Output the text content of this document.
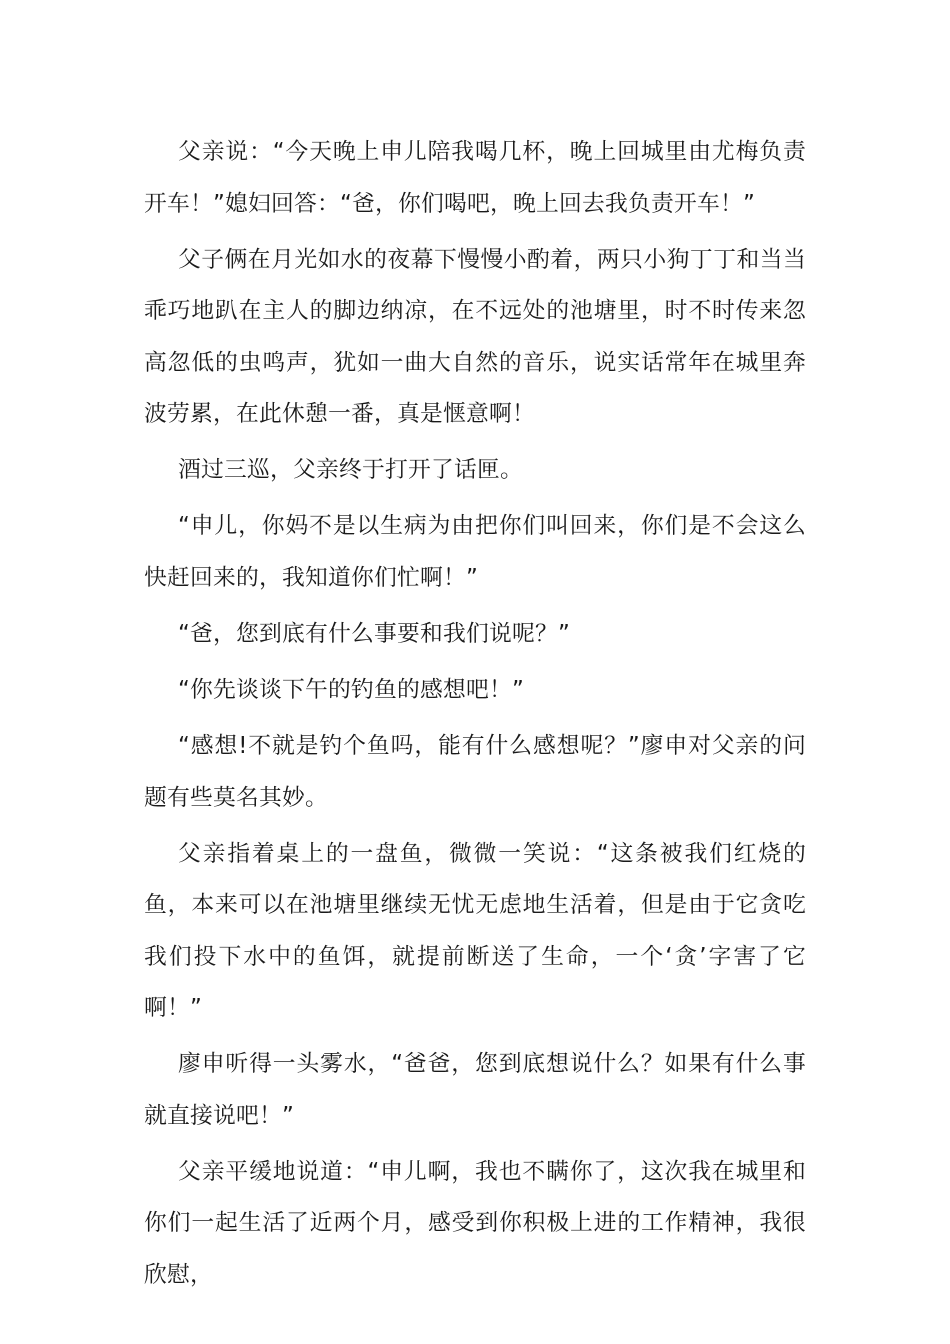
父亲说：“今天晚上申儿陪我喝几杯，晚上回城里由尤梅负责开车！”媳妇回答：“爸，你们喝吧，晚上回去我负责开车！”

父子俩在月光如水的夜幕下慢慢小酌着，两只小狗丁丁和当当乖巧地趴在主人的脚边纳凉，在不远处的池塘里，时不时传来忽高忽低的虫鸣声，犹如一曲大自然的音乐，说实话常年在城里奔波劳累，在此休憩一番，真是惬意啊！

酒过三巡，父亲终于打开了话匣。

“申儿，你妈不是以生病为由把你们叫回来，你们是不会这么快赶回来的，我知道你们忙啊！”

“爸，您到底有什么事要和我们说呢？”

“你先谈谈下午的钓鱼的感想吧！”

“感想!不就是钓个鱼吗，能有什么感想呢？”廖申对父亲的问题有些莫名其妙。

父亲指着桌上的一盘鱼，微微一笑说：“这条被我们红烧的鱼，本来可以在池塘里继续无忧无虑地生活着，但是由于它贪吃我们投下水中的鱼饵，就提前断送了生命，一个‘贪’字害了它啊！”

廖申听得一头雾水，“爸爸，您到底想说什么？如果有什么事就直接说吧！”

父亲平缓地说道：“申儿啊，我也不瞒你了，这次我在城里和你们一起生活了近两个月，感受到你积极上进的工作精神，我很欣慰，
